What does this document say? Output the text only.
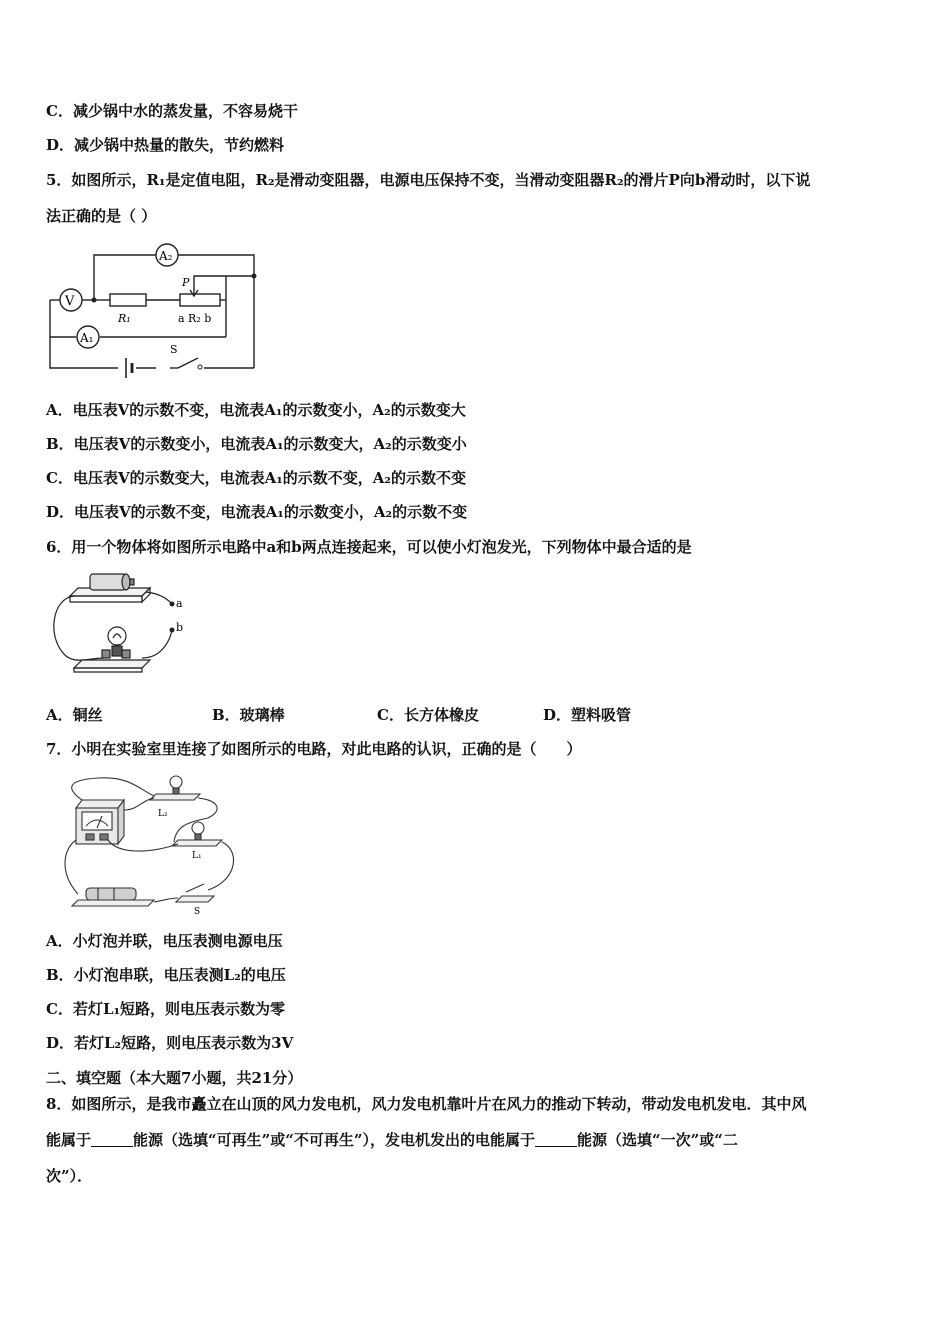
C．减少锅中水的蒸发量，不容易烧干
D．减少锅中热量的散失，节约燃料
5．如图所示，R₁是定值电阻，R₂是滑动变阻器，电源电压保持不变，当滑动变阻器R₂的滑片P向b滑动时，以下说
法正确的是（ ）
A₂
V
A₁
R₁	a R₂ b
P
S
A．电压表V的示数不变，电流表A₁的示数变小，A₂的示数变大
B．电压表V的示数变小，电流表A₁的示数变大，A₂的示数变小
C．电压表V的示数变大，电流表A₁的示数不变，A₂的示数不变
D．电压表V的示数不变，电流表A₁的示数变小，A₂的示数不变
6．用一个物体将如图所示电路中a和b两点连接起来，可以使小灯泡发光，下列物体中最合适的是
a
b
A．铜丝	B．玻璃棒	C．长方体橡皮	D．塑料吸管
7．小明在实验室里连接了如图所示的电路，对此电路的认识，正确的是（　　）
L₂
L₁
S
A．小灯泡并联，电压表测电源电压
B．小灯泡串联，电压表测L₂的电压
C．若灯L₁短路，则电压表示数为零
D．若灯L₂短路，则电压表示数为3V
二、填空题（本大题7小题，共21分）
8．如图所示，是我市矗立在山顶的风力发电机，风力发电机靠叶片在风力的推动下转动，带动发电机发电．其中风
能属于	能源（选填“可再生”或“不可再生”），发电机发出的电能属于	能源（选填“一次”或“二
次”）．
